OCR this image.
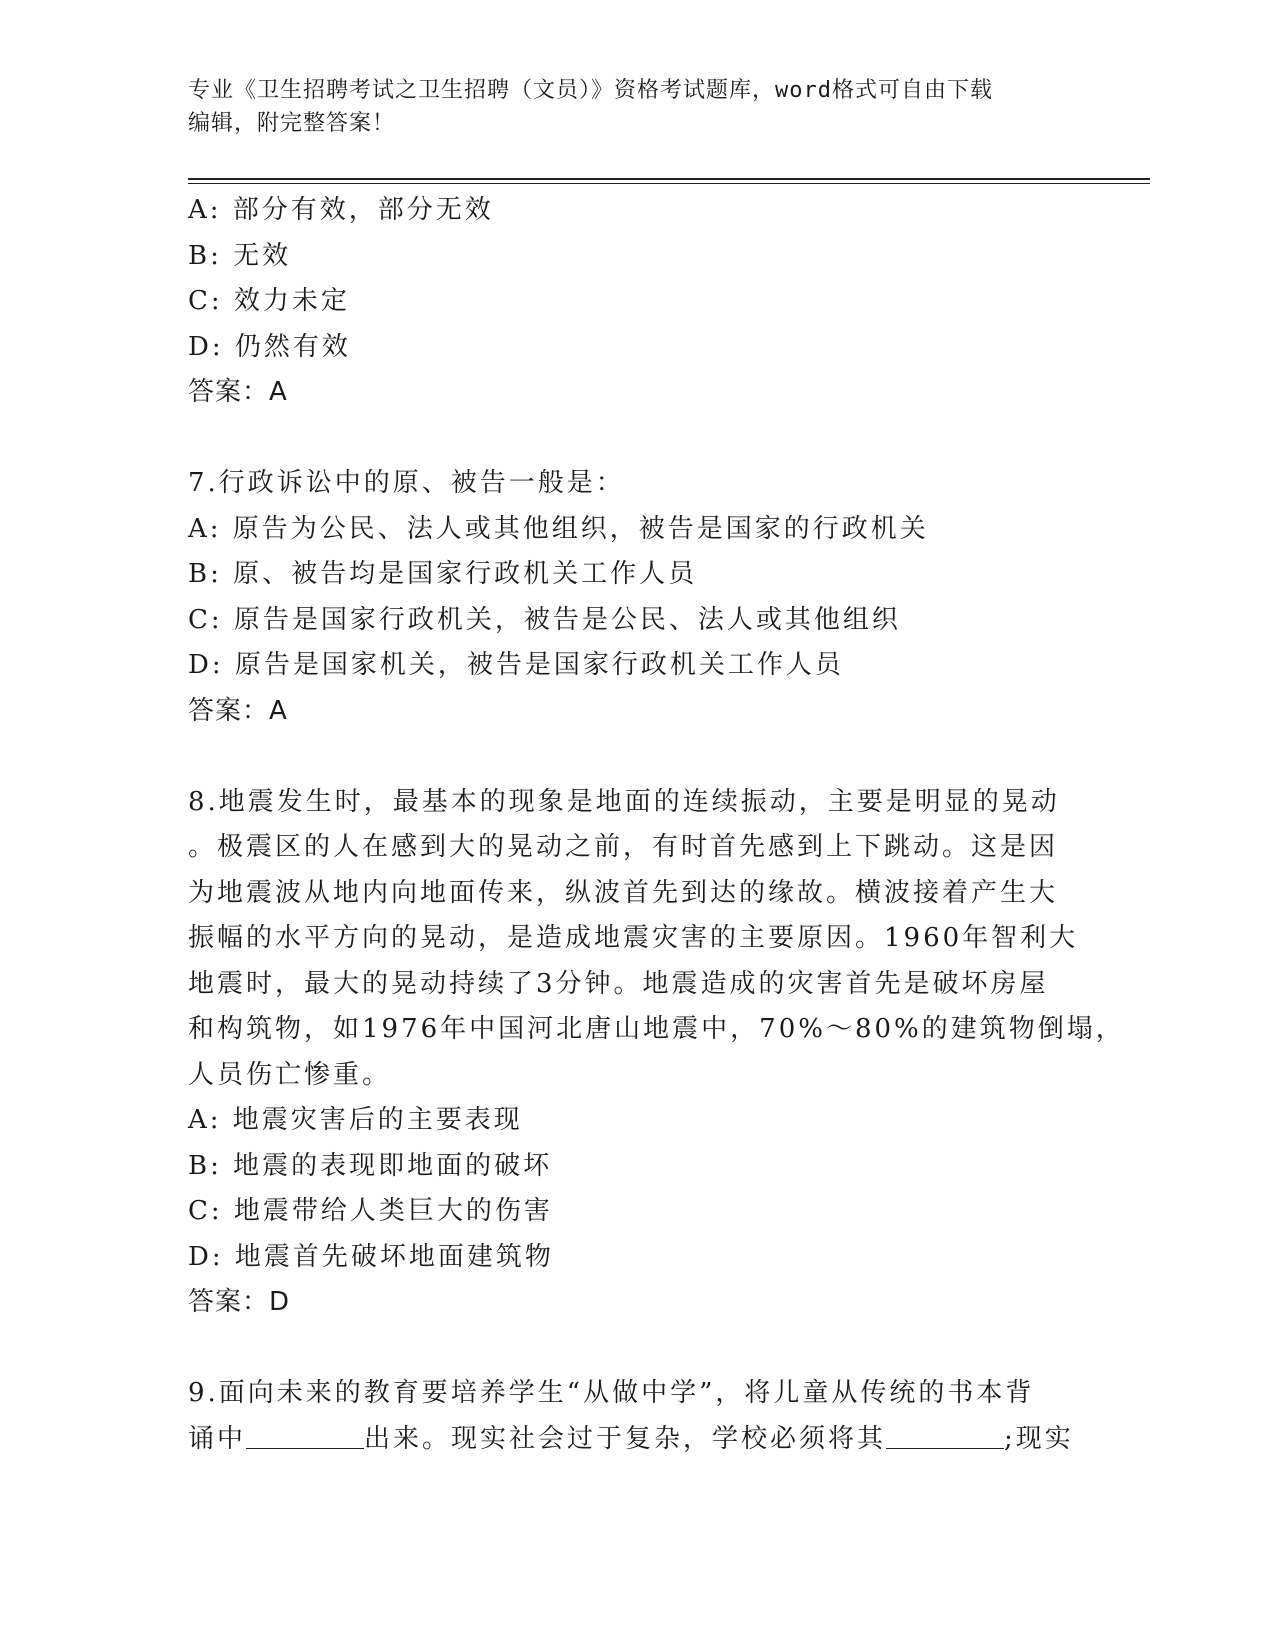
专业《卫生招聘考试之卫生招聘（文员）》资格考试题库，word格式可自由下载
编辑，附完整答案！
A: 部分有效，部分无效
B: 无效
C: 效力未定
D: 仍然有效
答案：A
7.行政诉讼中的原、被告一般是：
A: 原告为公民、法人或其他组织，被告是国家的行政机关
B: 原、被告均是国家行政机关工作人员
C: 原告是国家行政机关，被告是公民、法人或其他组织
D: 原告是国家机关，被告是国家行政机关工作人员
答案：A
8.地震发生时，最基本的现象是地面的连续振动，主要是明显的晃动
。极震区的人在感到大的晃动之前，有时首先感到上下跳动。这是因
为地震波从地内向地面传来，纵波首先到达的缘故。横波接着产生大
振幅的水平方向的晃动，是造成地震灾害的主要原因。1960年智利大
地震时，最大的晃动持续了3分钟。地震造成的灾害首先是破坏房屋
和构筑物，如1976年中国河北唐山地震中，70%～80%的建筑物倒塌，
人员伤亡惨重。
A: 地震灾害后的主要表现
B: 地震的表现即地面的破坏
C: 地震带给人类巨大的伤害
D: 地震首先破坏地面建筑物
答案：D
9.面向未来的教育要培养学生“从做中学”，将儿童从传统的书本背
诵中	出来。现实社会过于复杂，学校必须将其	;现实
